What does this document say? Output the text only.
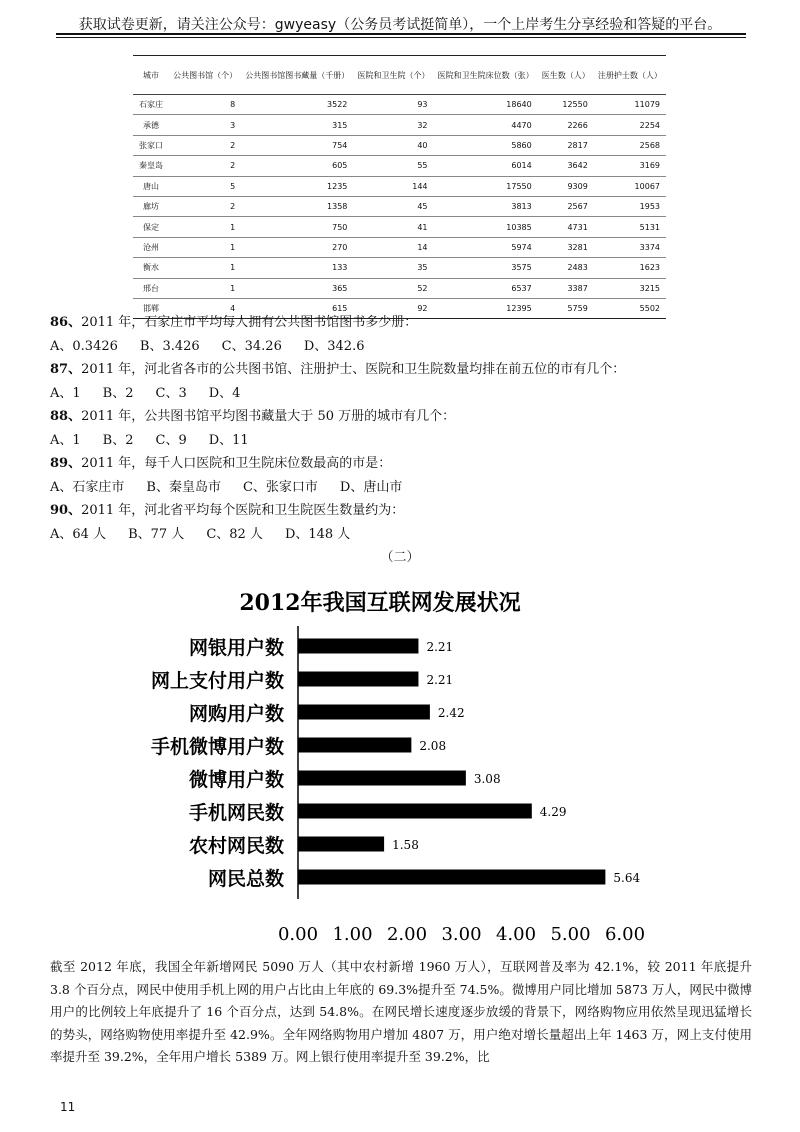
获取试卷更新，请关注公众号：gwyeasy（公务员考试挺简单），一个上岸考生分享经验和答疑的平台。
城市	公共图书馆（个）	公共图书馆图书藏量（千册）	医院和卫生院（个）	医院和卫生院床位数（张）	医生数（人）	注册护士数（人）
石家庄	8	3522	93	18640	12550	11079
承德	3	315	32	4470	2266	2254
张家口	2	754	40	5860	2817	2568
秦皇岛	2	605	55	6014	3642	3169
唐山	5	1235	144	17550	9309	10067
廊坊	2	1358	45	3813	2567	1953
保定	1	750	41	10385	4731	5131
沧州	1	270	14	5974	3281	3374
衡水	1	133	35	3575	2483	1623
邢台	1	365	52	6537	3387	3215
邯郸	4	615	92	12395	5759	5502
86、2011 年，石家庄市平均每人拥有公共图书馆图书多少册：
A、0.3426 B、3.426 C、34.26 D、342.6
87、2011 年，河北省各市的公共图书馆、注册护士、医院和卫生院数量均排在前五位的市有几个：
A、1 B、2 C、3 D、4
88、2011 年，公共图书馆平均图书藏量大于 50 万册的城市有几个：
A、1 B、2 C、9 D、11
89、2011 年，每千人口医院和卫生院床位数最高的市是：
A、石家庄市 B、秦皇岛市 C、张家口市 D、唐山市
90、2011 年，河北省平均每个医院和卫生院医生数量约为：
A、64 人 B、77 人 C、82 人 D、148 人
（二）
2012年我国互联网发展状况
网银用户数	2.21
网上支付用户数	2.21
网购用户数	2.42
手机微博用户数	2.08
微博用户数	3.08
手机网民数	4.29
农村网民数	1.58
网民总数	5.64
0.00 1.00 2.00 3.00 4.00 5.00 6.00
截至 2012 年底，我国全年新增网民 5090 万人（其中农村新增 1960 万人），互联网普及率为 42.1%，较 2011 年底提升 3.8 个百分点，网民中使用手机上网的用户占比由上年底的 69.3%提升至 74.5%。微博用户同比增加 5873 万人，网民中微博用户的比例较上年底提升了 16 个百分点，达到 54.8%。在网民增长速度逐步放缓的背景下，网络购物应用依然呈现迅猛增长的势头，网络购物使用率提升至 42.9%。全年网络购物用户增加 4807 万，用户绝对增长量超出上年 1463 万，网上支付使用率提升至 39.2%，全年用户增长 5389 万。网上银行使用率提升至 39.2%，比
11
